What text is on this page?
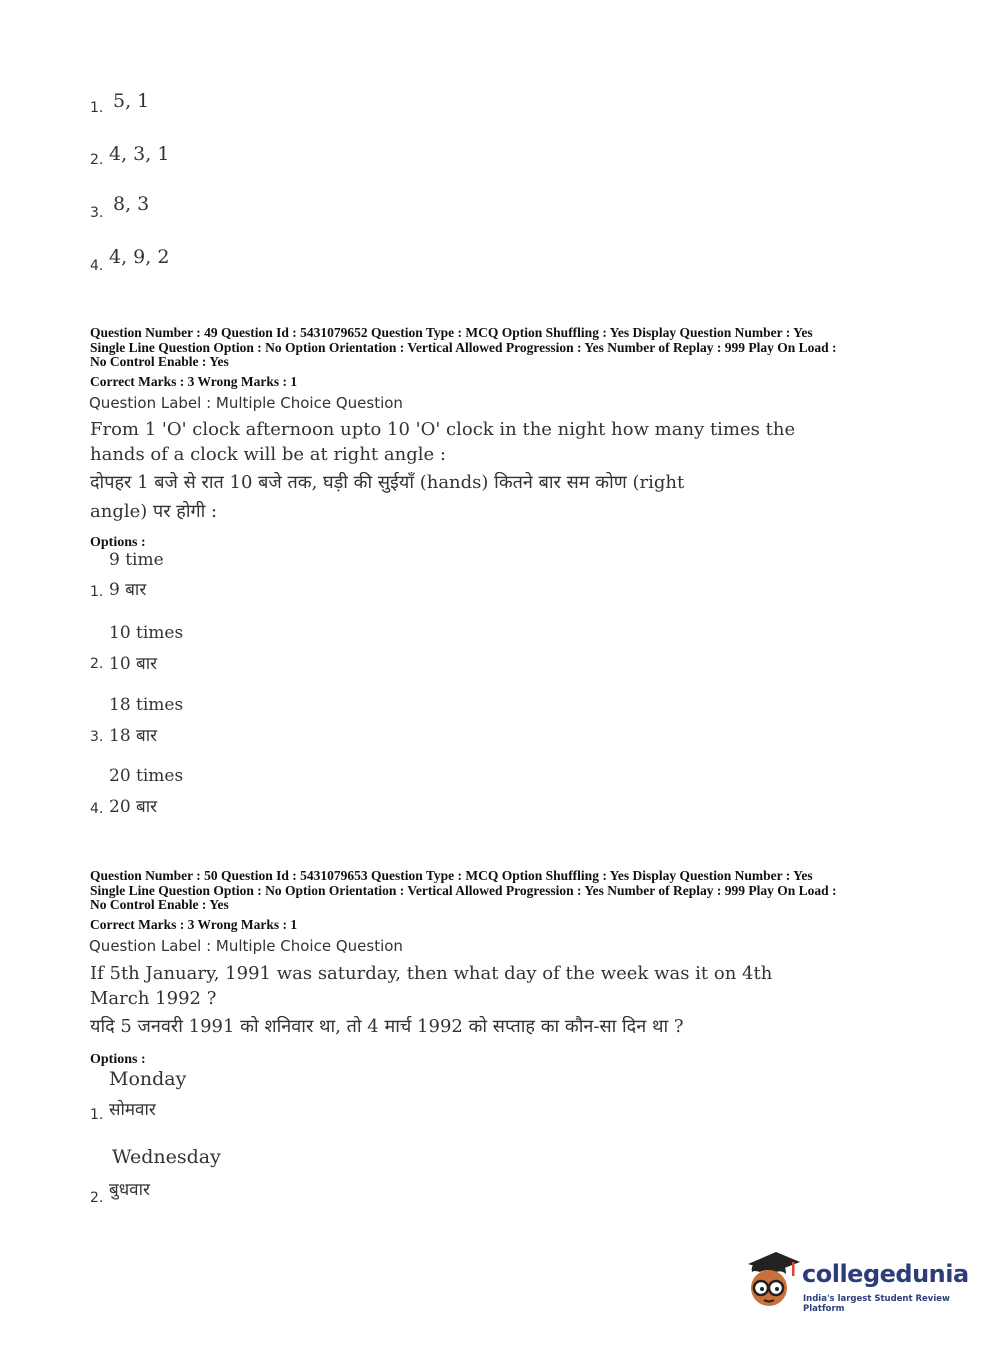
1. 5, 1
2. 4, 3, 1
3. 8, 3
4. 4, 9, 2
Question Number : 49 Question Id : 5431079652 Question Type : MCQ Option Shuffling : Yes Display Question Number : Yes
Single Line Question Option : No Option Orientation : Vertical Allowed Progression : Yes Number of Replay : 999 Play On Load :
No Control Enable : Yes
Correct Marks : 3 Wrong Marks : 1
Question Label : Multiple Choice Question
From 1 'O' clock afternoon upto 10 'O' clock in the night how many times the
hands of a clock will be at right angle :
दोपहर 1 बजे से रात 10 बजे तक, घड़ी की सुईयाँ (hands) कितने बार सम कोण (right
angle) पर होगी :
Options :
9 time
9 बार
1.
10 times
10 बार
2.
18 times
18 बार
3.
20 times
20 बार
4.
Question Number : 50 Question Id : 5431079653 Question Type : MCQ Option Shuffling : Yes Display Question Number : Yes
Single Line Question Option : No Option Orientation : Vertical Allowed Progression : Yes Number of Replay : 999 Play On Load :
No Control Enable : Yes
Correct Marks : 3 Wrong Marks : 1
Question Label : Multiple Choice Question
If 5th January, 1991 was saturday, then what day of the week was it on 4th
March 1992 ?
यदि 5 जनवरी 1991 को शनिवार था, तो 4 मार्च 1992 को सप्ताह का कौन-सा दिन था ?
Options :
Monday
सोमवार
1.
Wednesday
बुधवार
2.
collegedunia
India's largest Student Review Platform
